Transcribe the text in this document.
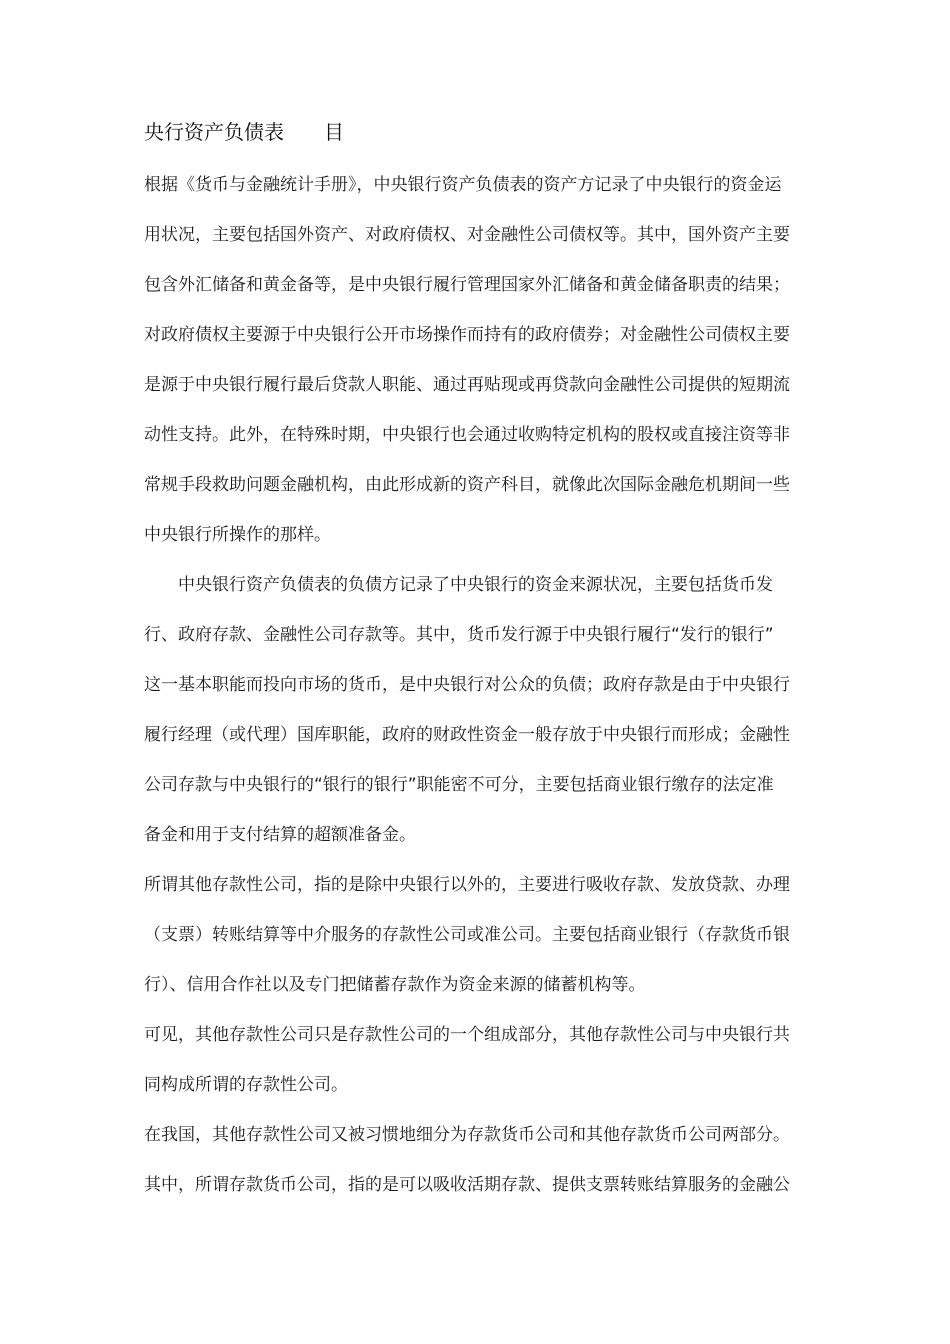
央行资产负债表 目
根据《货币与金融统计手册》，中央银行资产负债表的资产方记录了中央银行的资金运
用状况，主要包括国外资产、对政府债权、对金融性公司债权等。其中，国外资产主要
包含外汇储备和黄金备等，是中央银行履行管理国家外汇储备和黄金储备职责的结果；
对政府债权主要源于中央银行公开市场操作而持有的政府债券；对金融性公司债权主要
是源于中央银行履行最后贷款人职能、通过再贴现或再贷款向金融性公司提供的短期流
动性支持。此外，在特殊时期，中央银行也会通过收购特定机构的股权或直接注资等非
常规手段救助问题金融机构，由此形成新的资产科目，就像此次国际金融危机期间一些
中央银行所操作的那样。
　　中央银行资产负债表的负债方记录了中央银行的资金来源状况，主要包括货币发
行、政府存款、金融性公司存款等。其中，货币发行源于中央银行履行“发行的银行”
这一基本职能而投向市场的货币，是中央银行对公众的负债；政府存款是由于中央银行
履行经理（或代理）国库职能，政府的财政性资金一般存放于中央银行而形成；金融性
公司存款与中央银行的“银行的银行”职能密不可分，主要包括商业银行缴存的法定准
备金和用于支付结算的超额准备金。
所谓其他存款性公司，指的是除中央银行以外的，主要进行吸收存款、发放贷款、办理
（支票）转账结算等中介服务的存款性公司或准公司。主要包括商业银行（存款货币银
行）、信用合作社以及专门把储蓄存款作为资金来源的储蓄机构等。
可见，其他存款性公司只是存款性公司的一个组成部分，其他存款性公司与中央银行共
同构成所谓的存款性公司。
在我国，其他存款性公司又被习惯地细分为存款货币公司和其他存款货币公司两部分。
其中，所谓存款货币公司，指的是可以吸收活期存款、提供支票转账结算服务的金融公
